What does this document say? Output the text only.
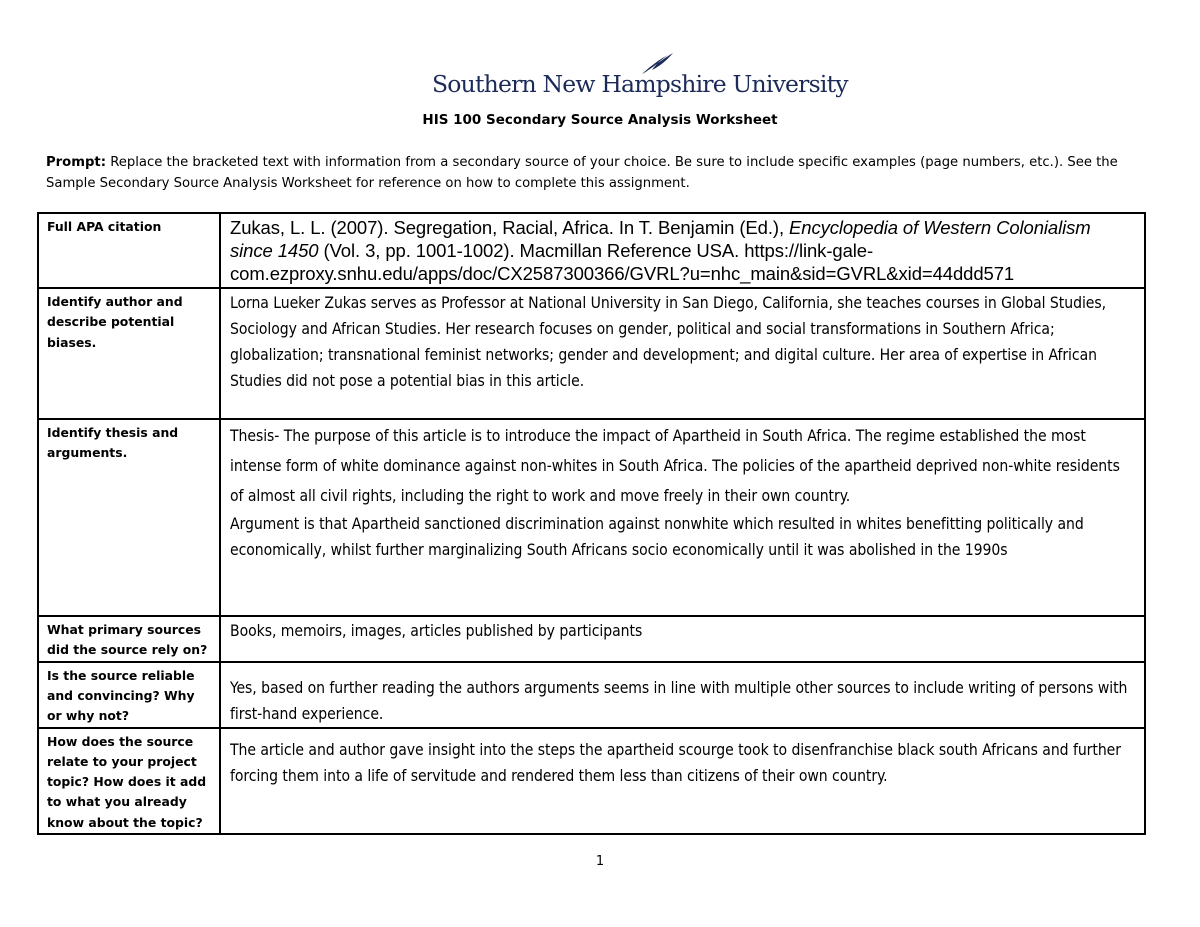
Southern New Hampshire University
HIS 100 Secondary Source Analysis Worksheet
Prompt: Replace the bracketed text with information from a secondary source of your choice. Be sure to include specific examples (page numbers, etc.). See the Sample Secondary Source Analysis Worksheet for reference on how to complete this assignment.
Full APA citation	Zukas, L. L. (2007). Segregation, Racial, Africa. In T. Benjamin (Ed.), Encyclopedia of Western Colonialism since 1450 (Vol. 3, pp. 1001-1002). Macmillan Reference USA. https://link-gale-com.ezproxy.snhu.edu/apps/doc/CX2587300366/GVRL?u=nhc_main&sid=GVRL&xid=44ddd571
Identify author and describe potential biases.	Lorna Lueker Zukas serves as Professor at National University in San Diego, California, she teaches courses in Global Studies, Sociology and African Studies. Her research focuses on gender, political and social transformations in Southern Africa; globalization; transnational feminist networks; gender and development; and digital culture. Her area of expertise in African Studies did not pose a potential bias in this article.
Identify thesis and arguments.	Thesis- The purpose of this article is to introduce the impact of Apartheid in South Africa. The regime established the most intense form of white dominance against non-whites in South Africa. The policies of the apartheid deprived non-white residents of almost all civil rights, including the right to work and move freely in their own country.
Argument is that Apartheid sanctioned discrimination against nonwhite which resulted in whites benefitting politically and economically, whilst further marginalizing South Africans socio economically until it was abolished in the 1990s

What primary sources did the source rely on?	Books, memoirs, images, articles published by participants
Is the source reliable and convincing? Why or why not?	Yes, based on further reading the authors arguments seems in line with multiple other sources to include writing of persons with first-hand experience.
How does the source relate to your project topic? How does it add to what you already know about the topic?	The article and author gave insight into the steps the apartheid scourge took to disenfranchise black south Africans and further forcing them into a life of servitude and rendered them less than citizens of their own country.
1
